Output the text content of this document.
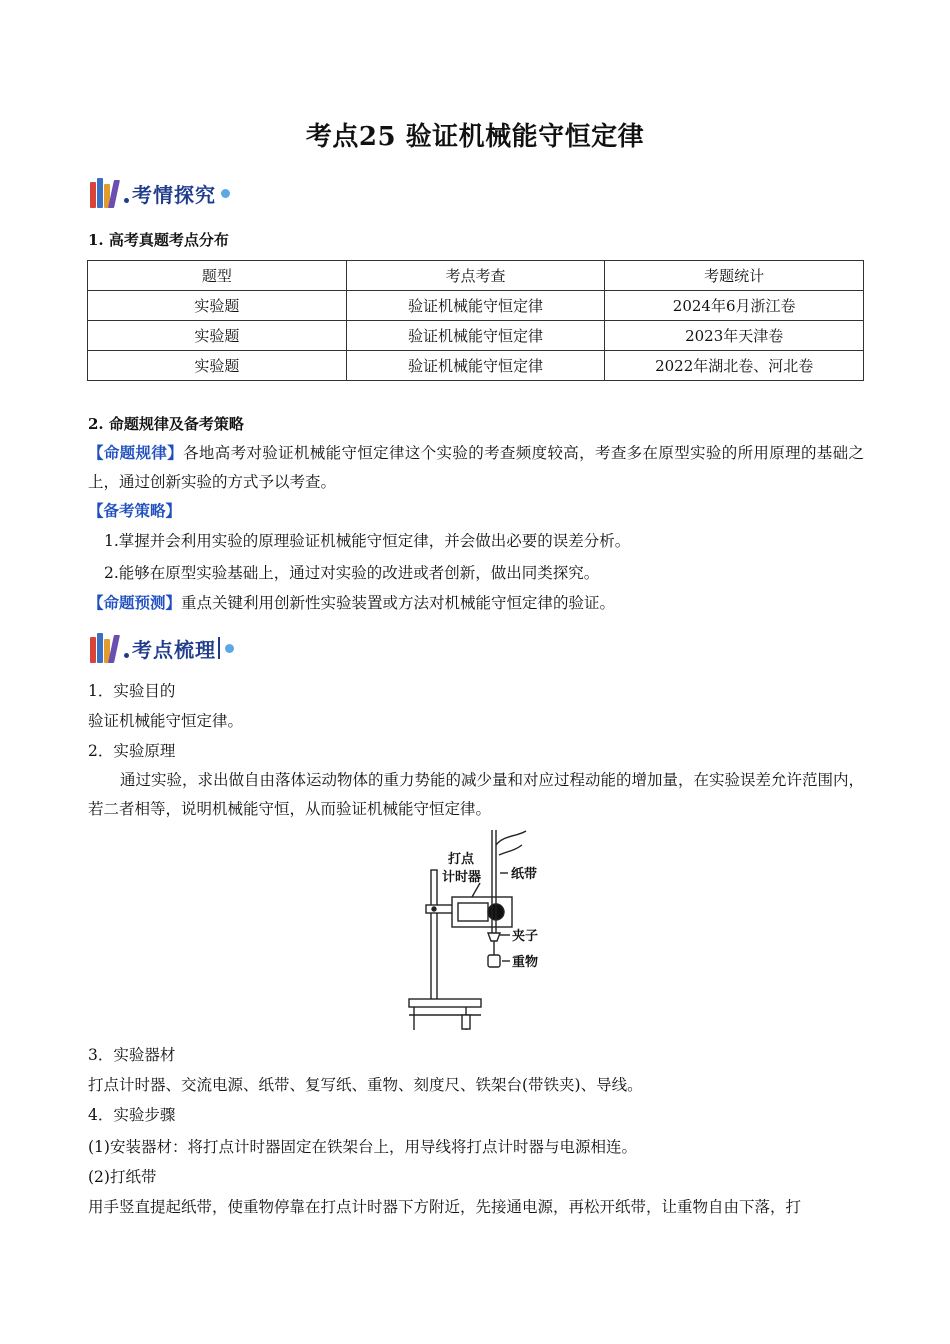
考点25 验证机械能守恒定律
考情探究
1. 高考真题考点分布
题型	考点考查	考题统计
实验题	验证机械能守恒定律	2024年6月浙江卷
实验题	验证机械能守恒定律	2023年天津卷
实验题	验证机械能守恒定律	2022年湖北卷、河北卷
2. 命题规律及备考策略
【命题规律】各地高考对验证机械能守恒定律这个实验的考查频度较高，考查多在原型实验的所用原理的基础之上，通过创新实验的方式予以考查。
【备考策略】
1.掌握并会利用实验的原理验证机械能守恒定律，并会做出必要的误差分析。
2.能够在原型实验基础上，通过对实验的改进或者创新，做出同类探究。
【命题预测】重点关键利用创新性实验装置或方法对机械能守恒定律的验证。
考点梳理
1．实验目的
验证机械能守恒定律。
2．实验原理
通过实验，求出做自由落体运动物体的重力势能的减少量和对应过程动能的增加量，在实验误差允许范围内，若二者相等，说明机械能守恒，从而验证机械能守恒定律。
打点
计时器 纸带
夹子
重物
3．实验器材
打点计时器、交流电源、纸带、复写纸、重物、刻度尺、铁架台(带铁夹)、导线。
4．实验步骤
(1)安装器材：将打点计时器固定在铁架台上，用导线将打点计时器与电源相连。
(2)打纸带
用手竖直提起纸带，使重物停靠在打点计时器下方附近，先接通电源，再松开纸带，让重物自由下落，打
